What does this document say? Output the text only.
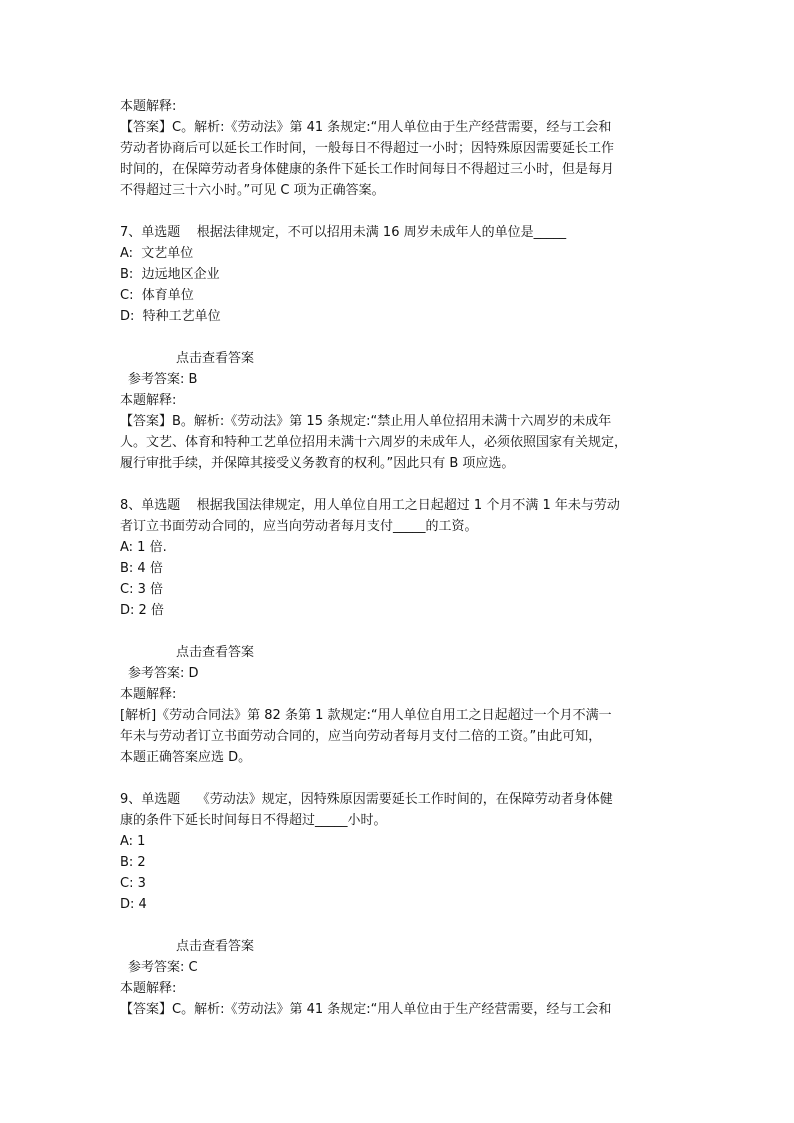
本题解释:

【答案】C。解析:《劳动法》第 41 条规定:“用人单位由于生产经营需要，经与工会和

劳动者协商后可以延长工作时间，一般每日不得超过一小时；因特殊原因需要延长工作

时间的，在保障劳动者身体健康的条件下延长工作时间每日不得超过三小时，但是每月

不得超过三十六小时。”可见 C 项为正确答案。

7、单选题    根据法律规定，不可以招用未满 16 周岁未成年人的单位是_____

A:  文艺单位

B:  边远地区企业

C:  体育单位

D:  特种工艺单位

点击查看答案

参考答案: B

本题解释:

【答案】B。解析:《劳动法》第 15 条规定:“禁止用人单位招用未满十六周岁的未成年

人。文艺、体育和特种工艺单位招用未满十六周岁的未成年人，必须依照国家有关规定，

履行审批手续，并保障其接受义务教育的权利。”因此只有 B 项应选。

8、单选题    根据我国法律规定，用人单位自用工之日起超过 1 个月不满 1 年未与劳动

者订立书面劳动合同的，应当向劳动者每月支付_____的工资。

A: 1 倍.

B: 4 倍

C: 3 倍

D: 2 倍

点击查看答案

参考答案: D

本题解释:

[解析]《劳动合同法》第 82 条第 1 款规定:“用人单位自用工之日起超过一个月不满一

年未与劳动者订立书面劳动合同的，应当向劳动者每月支付二倍的工资。”由此可知，

本题正确答案应选 D。

9、单选题    《劳动法》规定，因特殊原因需要延长工作时间的，在保障劳动者身体健

康的条件下延长时间每日不得超过_____小时。

A: 1

B: 2

C: 3

D: 4

点击查看答案

参考答案: C

本题解释:

【答案】C。解析:《劳动法》第 41 条规定:“用人单位由于生产经营需要，经与工会和
